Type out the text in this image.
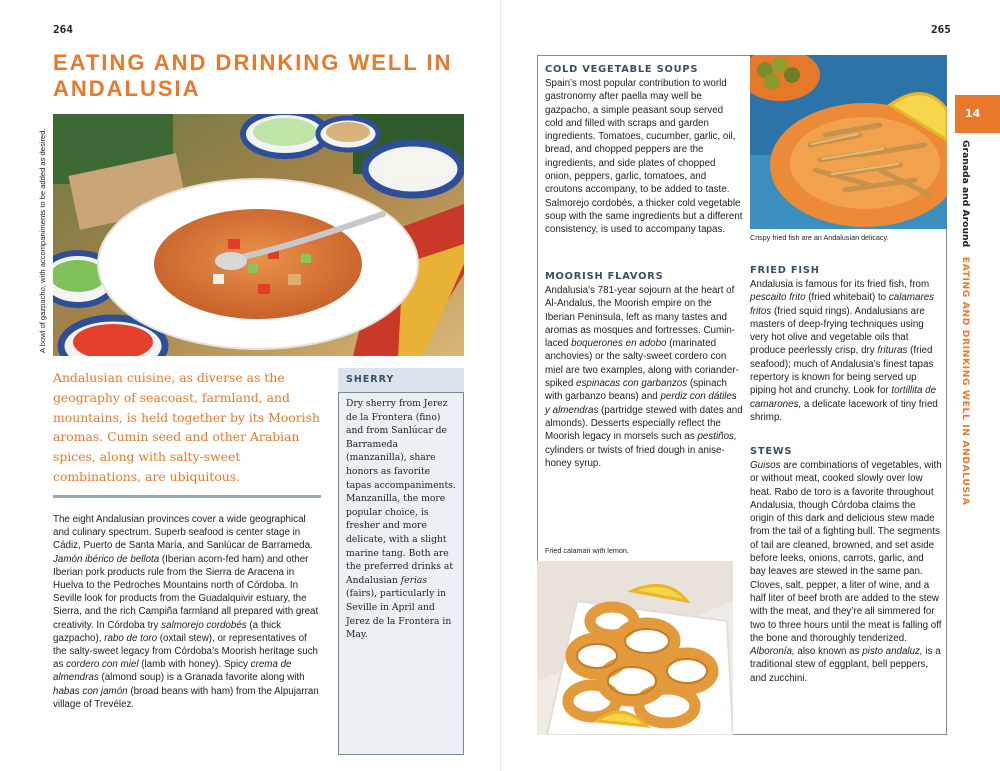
264
EATING AND DRINKING WELL IN
ANDALUSIA
A bowl of gazpacho, with accompaniments to be added as desired.
Andalusian cuisine, as diverse as the geography of seacoast, farmland, and mountains, is held together by its Moorish aromas. Cumin seed and other Arabian spices, along with salty-sweet combinations, are ubiquitous.
The eight Andalusian provinces cover a wide geographical and culinary spectrum. Superb seafood is center stage in Cádiz, Puerto de Santa María, and Sanlúcar de Barrameda. Jamón ibérico de bellota (Iberian acorn-fed ham) and other Iberian pork products rule from the Sierra de Aracena in Huelva to the Pedroches Mountains north of Córdoba. In Seville look for products from the Guadalquivir estuary, the Sierra, and the rich Campiña farmland all prepared with great creativity. In Córdoba try salmorejo cordobés (a thick gazpacho), rabo de toro (oxtail stew), or representatives of the salty-sweet legacy from Córdoba’s Moorish heritage such as cordero con miel (lamb with honey). Spicy crema de almendras (almond soup) is a Granada favorite along with habas con jamón (broad beans with ham) from the Alpujarran village of Trevélez.
SHERRY
Dry sherry from Jerez de la Frontera (fino) and from Sanlúcar de Barrameda (manzanilla), share honors as favorite tapas accompaniments. Manzanilla, the more popular choice, is fresher and more delicate, with a slight marine tang. Both are the preferred drinks at Andalusian ferias (fairs), particularly in Seville in April and Jerez de la Frontera in May.
265
COLD VEGETABLE SOUPS
Spain’s most popular contribution to world gastronomy after paella may well be gazpacho, a simple peasant soup served cold and filled with scraps and garden ingredients. Tomatoes, cucumber, garlic, oil, bread, and chopped peppers are the ingredients, and side plates of chopped onion, peppers, garlic, tomatoes, and croutons accompany, to be added to taste. Salmorejo cordobés, a thicker cold vegetable soup with the same ingredients but a different consistency, is used to accompany tapas.
MOORISH FLAVORS
Andalusia’s 781-year sojourn at the heart of Al-Andalus, the Moorish empire on the Iberian Peninsula, left as many tastes and aromas as mosques and fortresses. Cumin-laced boquerones en adobo (marinated anchovies) or the salty-sweet cordero con miel are two examples, along with coriander-spiked espinacas con garbanzos (spinach with garbanzo beans) and perdiz con dátiles y almendras (partridge stewed with dates and almonds). Desserts especially reflect the Moorish legacy in morsels such as pestiños, cylinders or twists of fried dough in anise-honey syrup.
Fried calamari with lemon.
Crispy fried fish are an Andalusian delicacy.
FRIED FISH
Andalusia is famous for its fried fish, from pescaito frito (fried whitebait) to calamares fritos (fried squid rings). Andalusians are masters of deep-frying techniques using very hot olive and vegetable oils that produce peerlessly crisp, dry frituras (fried seafood); much of Andalusia’s finest tapas repertory is known for being served up piping hot and crunchy. Look for tortillita de camarones, a delicate lacework of tiny fried shrimp.
STEWS
Guisos are combinations of vegetables, with or without meat, cooked slowly over low heat. Rabo de toro is a favorite throughout Andalusia, though Córdoba claims the origin of this dark and delicious stew made from the tail of a fighting bull. The segments of tail are cleaned, browned, and set aside before leeks, onions, carrots, garlic, and bay leaves are stewed in the same pan. Cloves, salt, pepper, a liter of wine, and a half liter of beef broth are added to the stew with the meat, and they’re all simmered for two to three hours until the meat is falling off the bone and thoroughly tenderized. Alboronía, also known as pisto andaluz, is a traditional stew of eggplant, bell peppers, and zucchini.
14
Granada and Around   EATING AND DRINKING WELL IN ANDALUSIA
